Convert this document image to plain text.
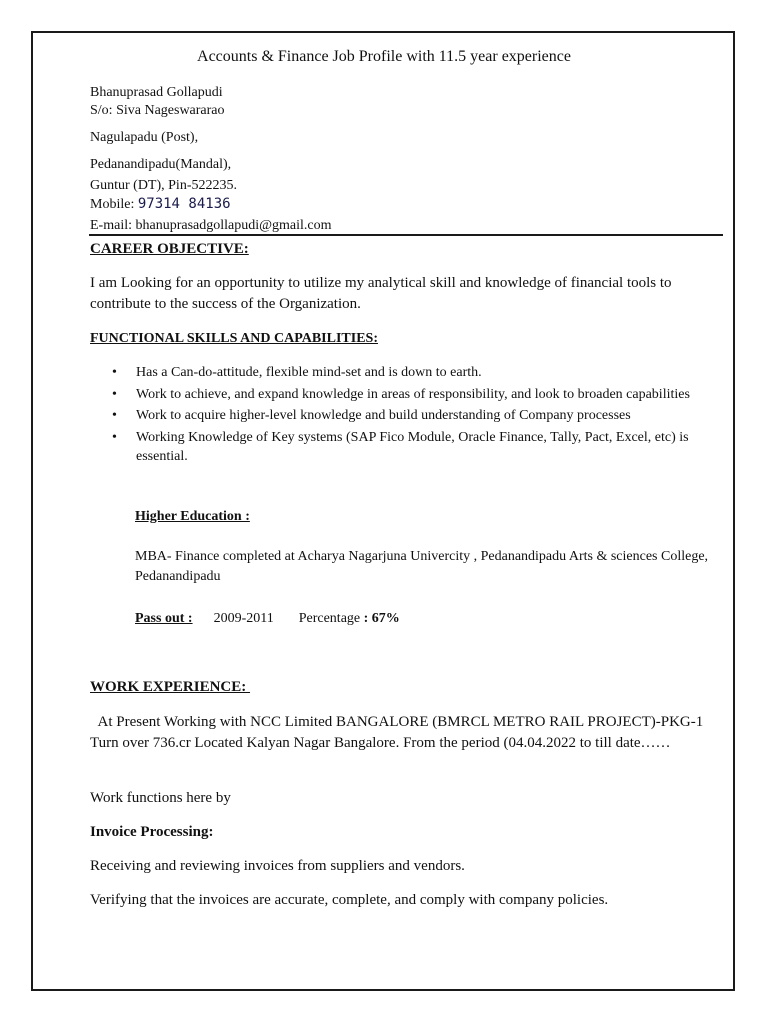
Accounts & Finance Job Profile with 11.5 year experience
Bhanuprasad Gollapudi
S/o: Siva Nageswararao
Nagulapadu (Post),
Pedanandipadu(Mandal),
Guntur (DT), Pin-522235.
Mobile: 97314 84136
E-mail: bhanuprasadgollapudi@gmail.com
CAREER OBJECTIVE:
I am Looking for an opportunity to utilize my analytical skill and knowledge of financial tools to contribute to the success of the Organization.
FUNCTIONAL SKILLS AND CAPABILITIES:
• Has a Can-do-attitude, flexible mind-set and is down to earth.
• Work to achieve, and expand knowledge in areas of responsibility, and look to broaden capabilities
• Work to acquire higher-level knowledge and build understanding of Company processes
• Working Knowledge of Key systems (SAP Fico Module, Oracle Finance, Tally, Pact, Excel, etc) is essential.
Higher Education :
MBA- Finance completed at Acharya Nagarjuna Univercity , Pedanandipadu Arts & sciences College, Pedanandipadu
Pass out : 2009-2011 Percentage : 67%
WORK EXPERIENCE:
At Present Working with NCC Limited BANGALORE (BMRCL METRO RAIL PROJECT)-PKG-1 Turn over 736.cr Located Kalyan Nagar Bangalore. From the period (04.04.2022 to till date……
Work functions here by
Invoice Processing:
Receiving and reviewing invoices from suppliers and vendors.
Verifying that the invoices are accurate, complete, and comply with company policies.
